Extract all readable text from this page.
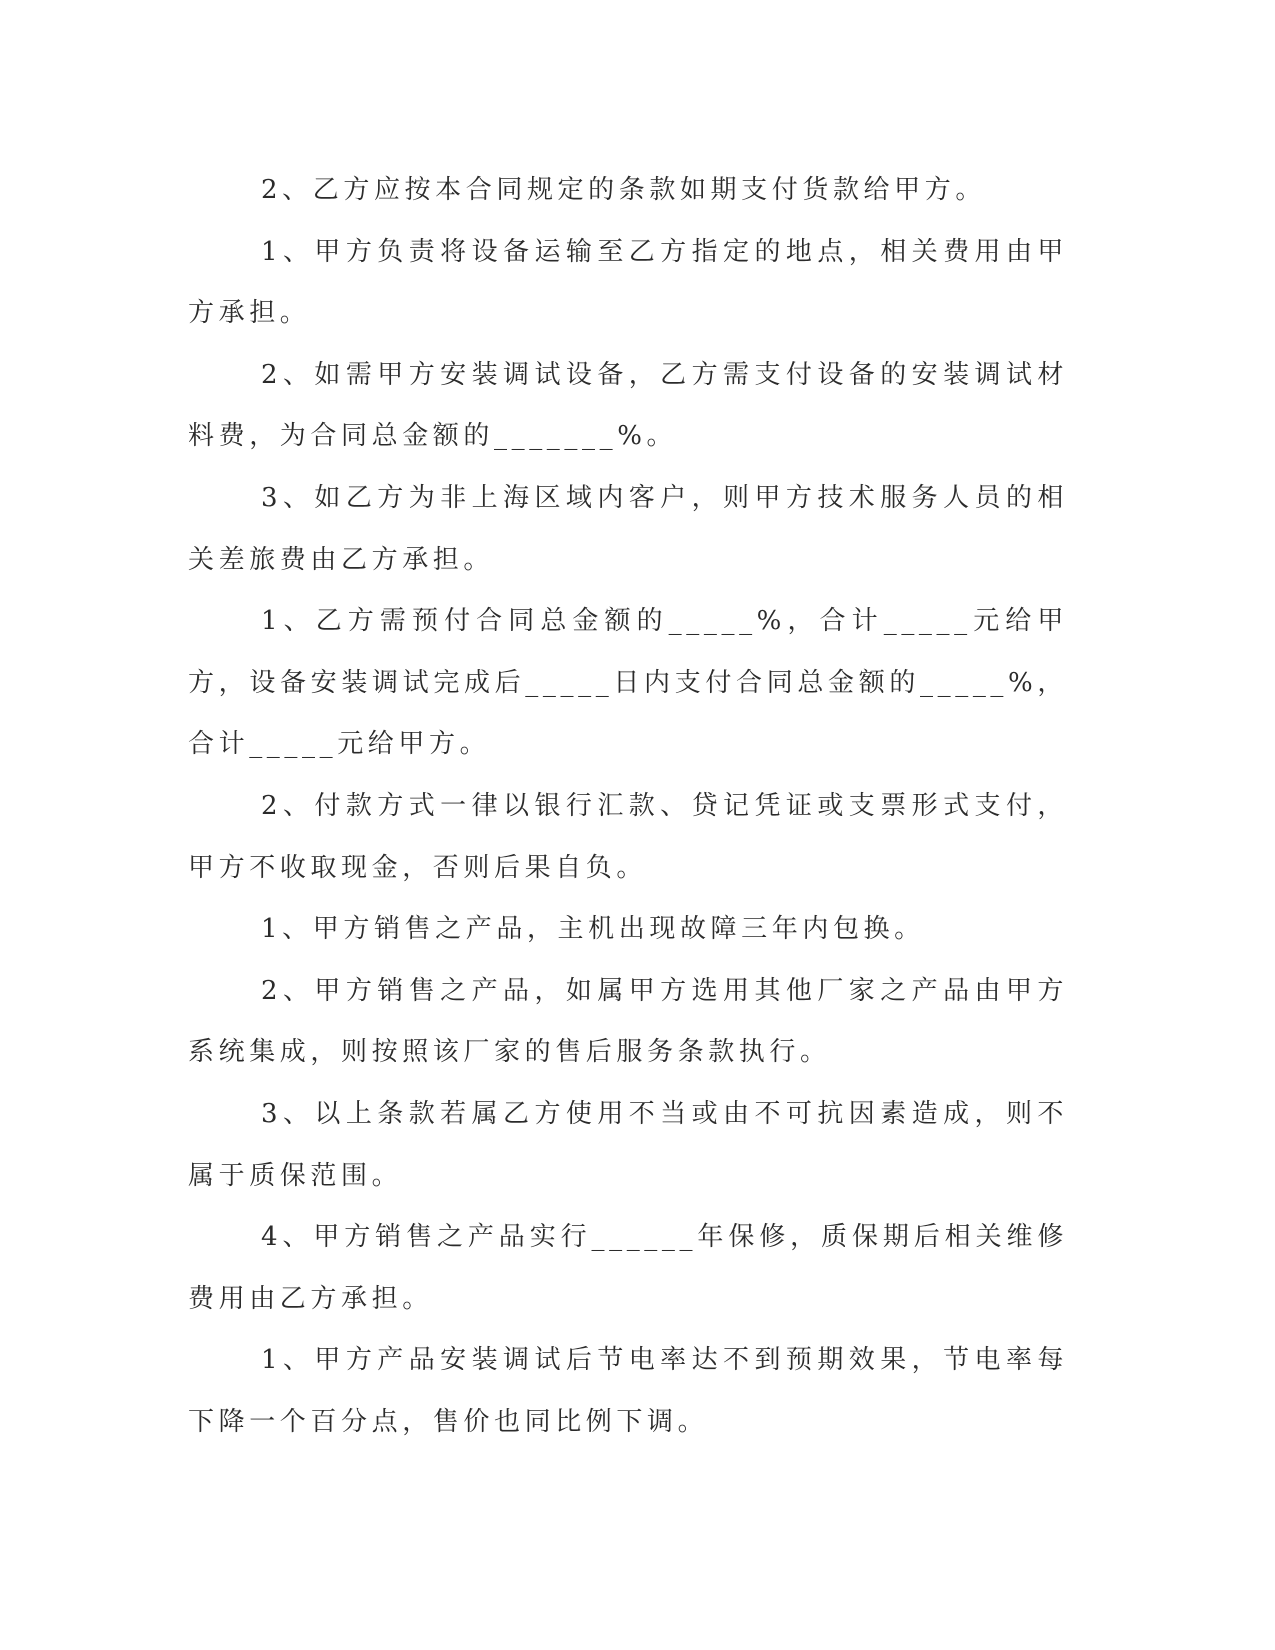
2、乙方应按本合同规定的条款如期支付货款给甲方。

1、甲方负责将设备运输至乙方指定的地点，相关费用由甲方承担。

2、如需甲方安装调试设备，乙方需支付设备的安装调试材料费，为合同总金额的_______%。

3、如乙方为非上海区域内客户，则甲方技术服务人员的相关差旅费由乙方承担。

1、乙方需预付合同总金额的_____%，合计_____元给甲方，设备安装调试完成后_____日内支付合同总金额的_____%，合计_____元给甲方。

2、付款方式一律以银行汇款、贷记凭证或支票形式支付，甲方不收取现金，否则后果自负。

1、甲方销售之产品，主机出现故障三年内包换。

2、甲方销售之产品，如属甲方选用其他厂家之产品由甲方系统集成，则按照该厂家的售后服务条款执行。

3、以上条款若属乙方使用不当或由不可抗因素造成，则不属于质保范围。

4、甲方销售之产品实行______年保修，质保期后相关维修费用由乙方承担。

1、甲方产品安装调试后节电率达不到预期效果，节电率每下降一个百分点，售价也同比例下调。
